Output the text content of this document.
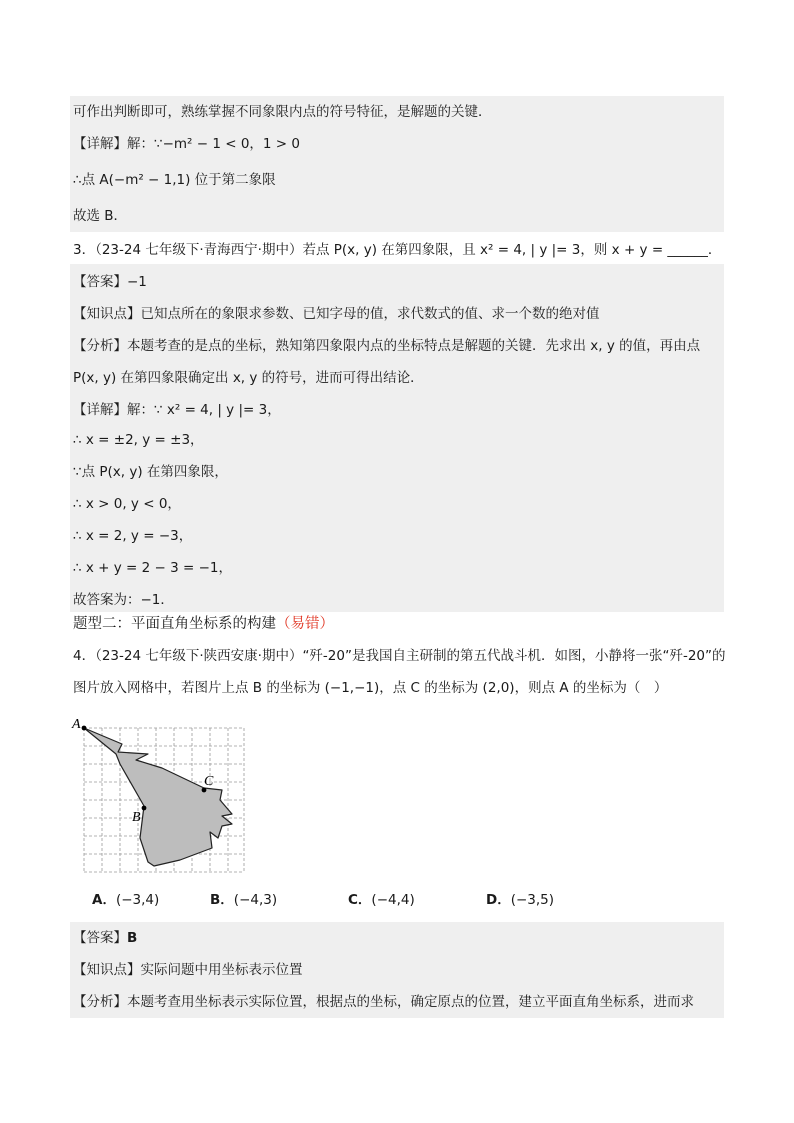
可作出判断即可，熟练掌握不同象限内点的符号特征，是解题的关键．
【详解】解：∵−m² − 1 < 0，1 > 0
∴点 A(−m² − 1,1) 位于第二象限
故选 B．
3．（23-24 七年级下·青海西宁·期中）若点 P(x, y) 在第四象限，且 x² = 4, | y |= 3，则 x + y = ______．
【答案】−1
【知识点】已知点所在的象限求参数、已知字母的值，求代数式的值、求一个数的绝对值
【分析】本题考查的是点的坐标，熟知第四象限内点的坐标特点是解题的关键．先求出 x, y 的值，再由点
P(x, y) 在第四象限确定出 x, y 的符号，进而可得出结论．
【详解】解：∵ x² = 4, | y |= 3，
∴ x = ±2, y = ±3，
∵点 P(x, y) 在第四象限，
∴ x > 0, y < 0，
∴ x = 2, y = −3，
∴ x + y = 2 − 3 = −1，
故答案为：−1．
题型二：平面直角坐标系的构建（易错）
4．（23-24 七年级下·陕西安康·期中）“歼-20”是我国自主研制的第五代战斗机．如图，小静将一张“歼-20”的
图片放入网格中，若图片上点 B 的坐标为 (−1,−1)，点 C 的坐标为 (2,0)，则点 A 的坐标为（　）
A
B
C
A．(−3,4)	B．(−4,3)	C．(−4,4)	D．(−3,5)
【答案】B
【知识点】实际问题中用坐标表示位置
【分析】本题考查用坐标表示实际位置，根据点的坐标，确定原点的位置，建立平面直角坐标系，进而求
